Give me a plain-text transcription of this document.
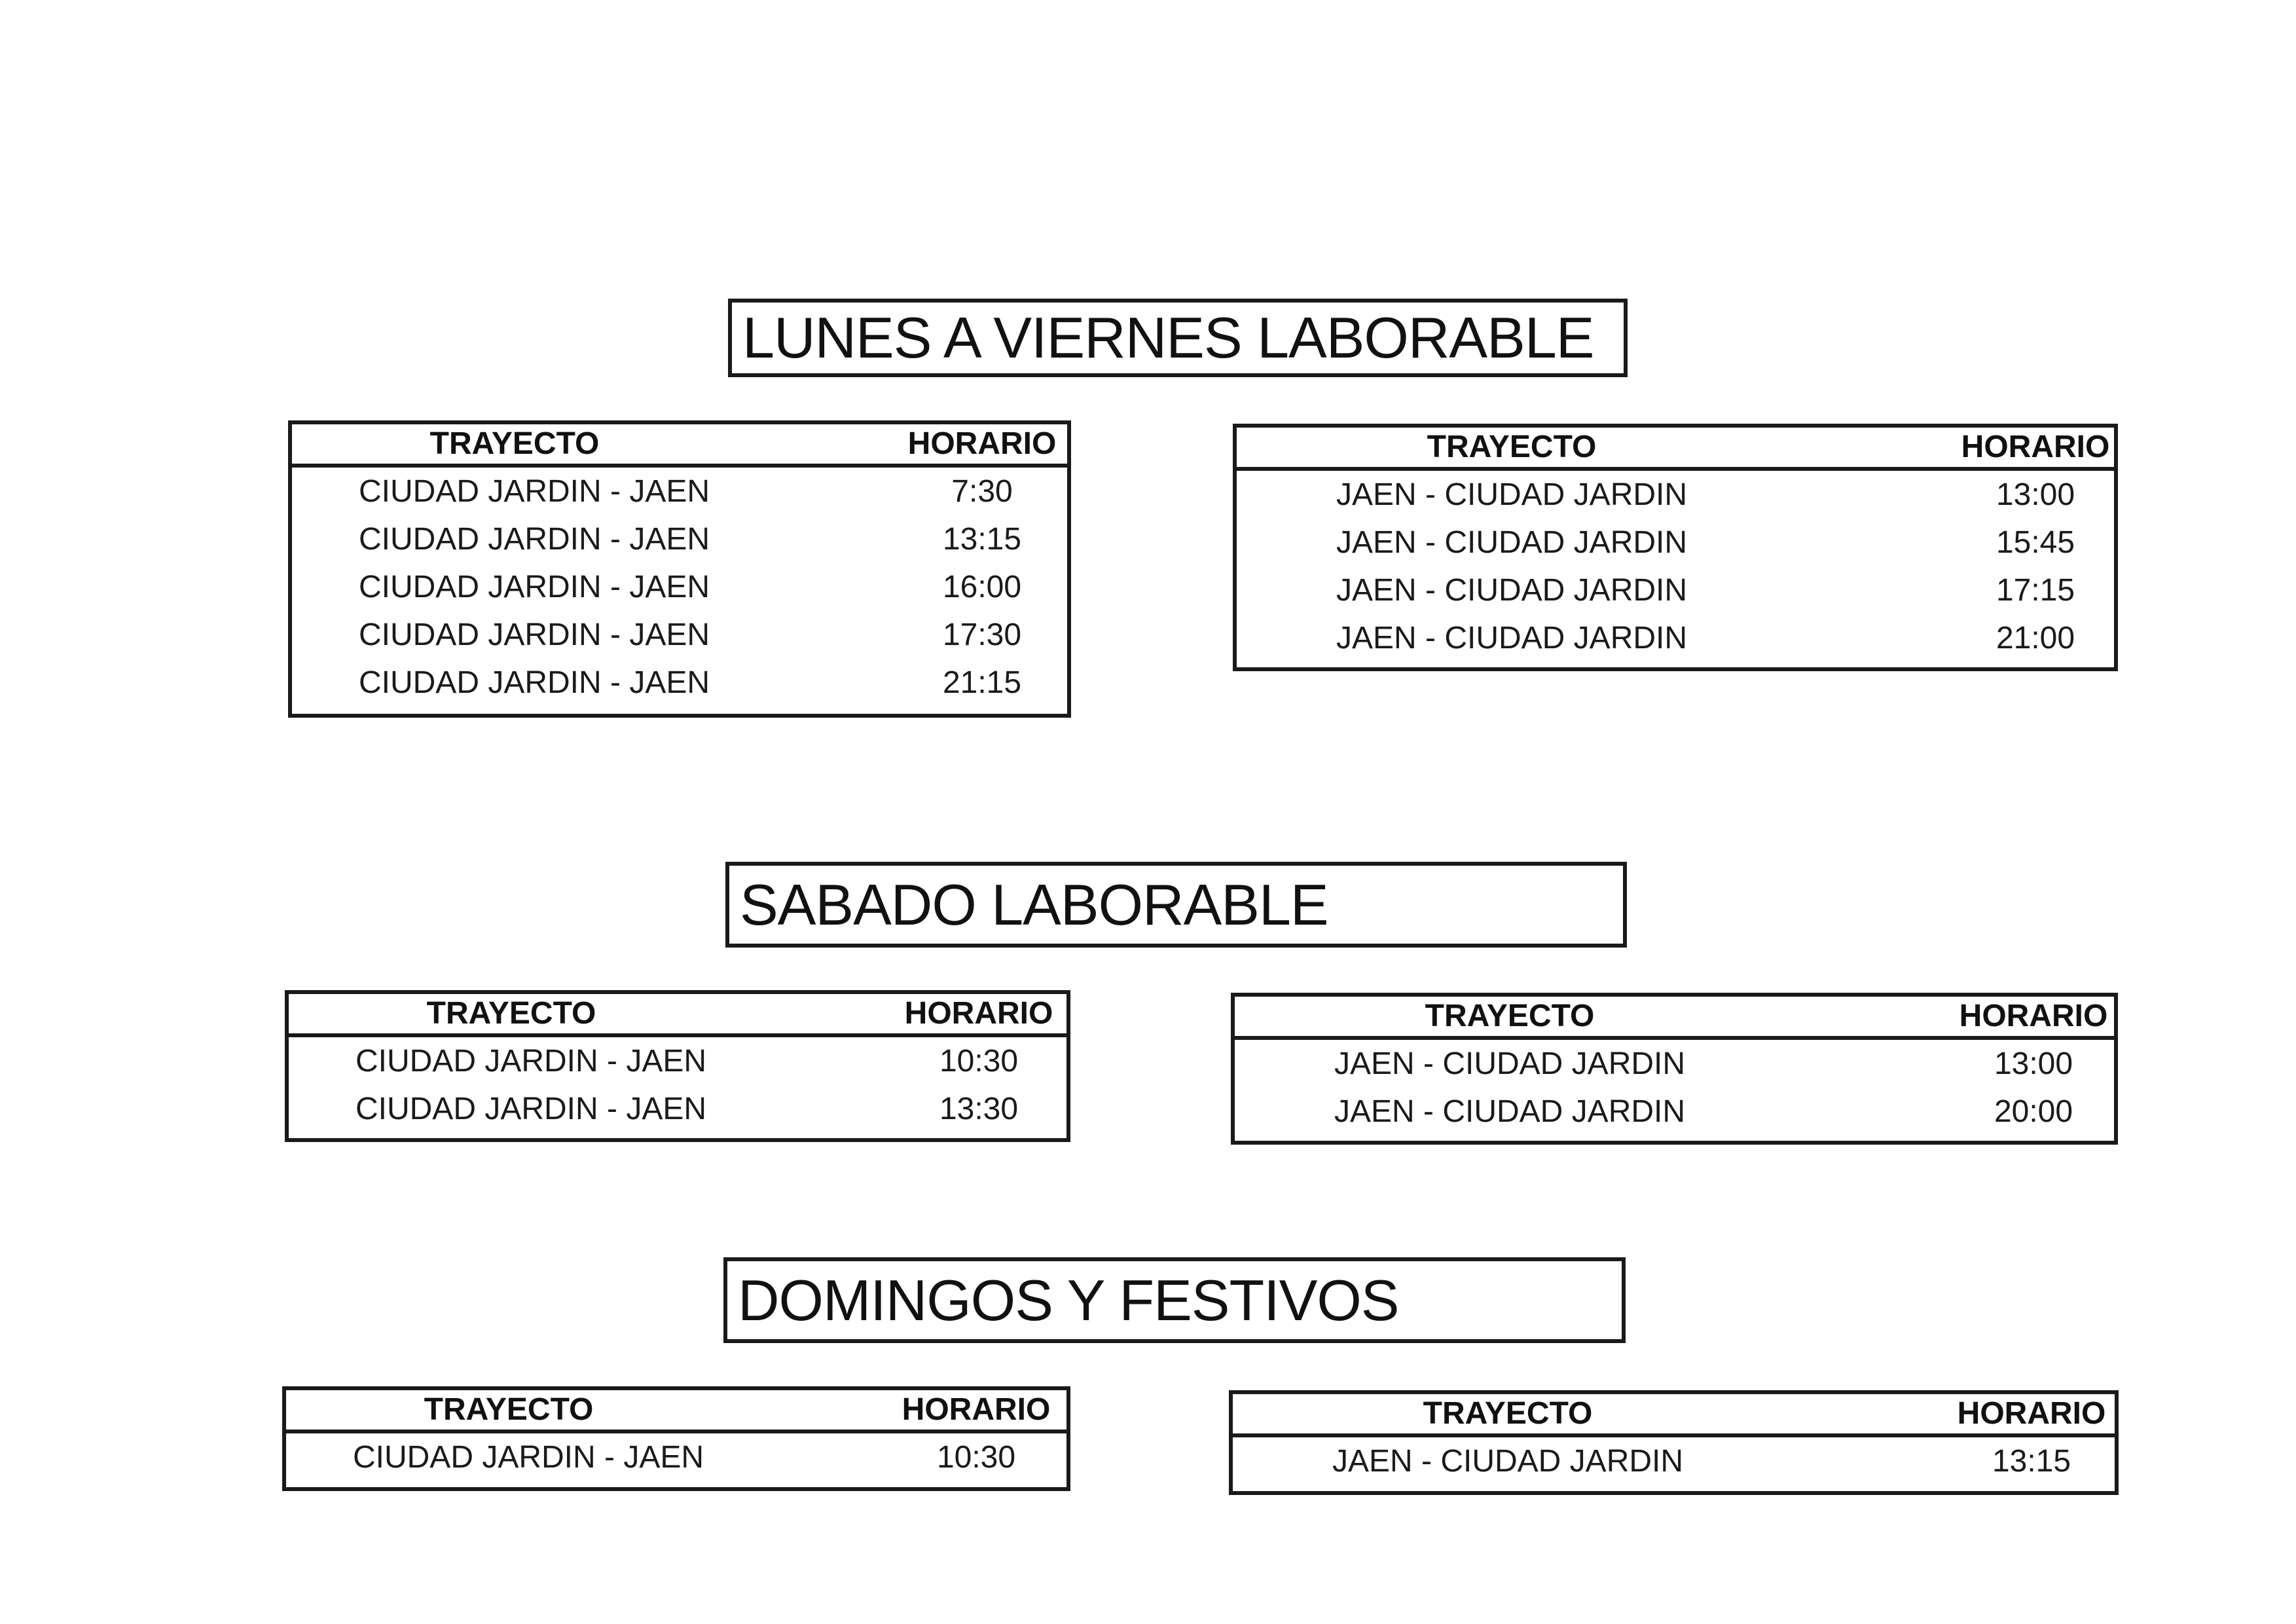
LUNES A VIERNES LABORABLE
TRAYECTO	HORARIO
CIUDAD JARDIN - JAEN	7:30
CIUDAD JARDIN - JAEN	13:15
CIUDAD JARDIN - JAEN	16:00
CIUDAD JARDIN - JAEN	17:30
CIUDAD JARDIN - JAEN	21:15
TRAYECTO	HORARIO
JAEN - CIUDAD JARDIN	13:00
JAEN - CIUDAD JARDIN	15:45
JAEN - CIUDAD JARDIN	17:15
JAEN - CIUDAD JARDIN	21:00
SABADO LABORABLE
TRAYECTO	HORARIO
CIUDAD JARDIN - JAEN	10:30
CIUDAD JARDIN - JAEN	13:30
TRAYECTO	HORARIO
JAEN - CIUDAD JARDIN	13:00
JAEN - CIUDAD JARDIN	20:00
DOMINGOS Y FESTIVOS
TRAYECTO	HORARIO
CIUDAD JARDIN - JAEN	10:30
TRAYECTO	HORARIO
JAEN - CIUDAD JARDIN	13:15
